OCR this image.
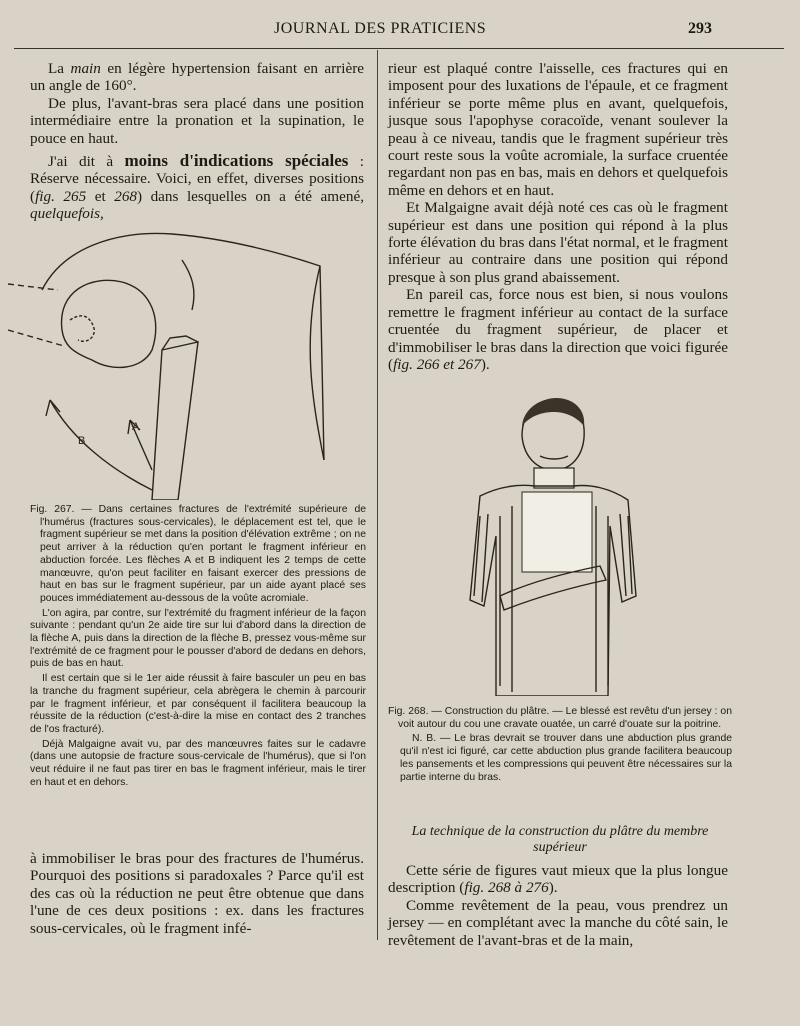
JOURNAL DES PRATICIENS	293

La main en légère hypertension faisant en arrière un angle de 160°.

De plus, l'avant-bras sera placé dans une position intermédiaire entre la pronation et la supination, le pouce en haut.

J'ai dit à moins d'indications spéciales : Réserve nécessaire. Voici, en effet, diverses positions (fig. 265 et 268) dans lesquelles on a été amené, quelquefois,

B
A

Fig. 267. — Dans certaines fractures de l'extrémité supérieure de l'humérus (fractures sous-cervicales), le déplacement est tel, que le fragment supérieur se met dans la position d'élévation extrême ; on ne peut arriver à la réduction qu'en portant le fragment inférieur en abduction forcée. Les flèches A et B indiquent les 2 temps de cette manœuvre, qu'on peut faciliter en faisant exercer des pressions de haut en bas sur le fragment supérieur, par un aide ayant placé ses pouces immédiatement au-dessous de la voûte acromiale.

L'on agira, par contre, sur l'extrémité du fragment inférieur de la façon suivante : pendant qu'un 2e aide tire sur lui d'abord dans la direction de la flèche A, puis dans la direction de la flèche B, pressez vous-même sur l'extrémité de ce fragment pour le pousser d'abord de dedans en dehors, puis de bas en haut.

Il est certain que si le 1er aide réussit à faire basculer un peu en bas la tranche du fragment supérieur, cela abrègera le chemin à parcourir par le fragment inférieur, et par conséquent il facilitera beaucoup la réussite de la réduction (c'est-à-dire la mise en contact des 2 tranches de l'os fracturé).

Déjà Malgaigne avait vu, par des manœuvres faites sur le cadavre (dans une autopsie de fracture sous-cervicale de l'humérus), que si l'on veut réduire il ne faut pas tirer en bas le fragment inférieur, mais le tirer en haut et en dehors.

à immobiliser le bras pour des fractures de l'humérus. Pourquoi des positions si paradoxales ? Parce qu'il est des cas où la réduction ne peut être obtenue que dans l'une de ces deux positions : ex. dans les fractures sous-cervicales, où le fragment infé-

rieur est plaqué contre l'aisselle, ces fractures qui en imposent pour des luxations de l'épaule, et ce fragment inférieur se porte même plus en avant, quelquefois, jusque sous l'apophyse coracoïde, venant soulever la peau à ce niveau, tandis que le fragment supérieur très court reste sous la voûte acromiale, la surface cruentée regardant non pas en bas, mais en dehors et quelquefois même en dehors et en haut.

Et Malgaigne avait déjà noté ces cas où le fragment supérieur est dans une position qui répond à la plus forte élévation du bras dans l'état normal, et le fragment inférieur au contraire dans une position qui répond presque à son plus grand abaissement.

En pareil cas, force nous est bien, si nous voulons remettre le fragment inférieur au contact de la surface cruentée du fragment supérieur, de placer et d'immobiliser le bras dans la direction que voici figurée (fig. 266 et 267).

Fig. 268. — Construction du plâtre. — Le blessé est revêtu d'un jersey : on voit autour du cou une cravate ouatée, un carré d'ouate sur la poitrine.

N. B. — Le bras devrait se trouver dans une abduction plus grande qu'il n'est ici figuré, car cette abduction plus grande facilitera beaucoup les pansements et les compressions qui peuvent être nécessaires sur la partie interne du bras.

La technique de la construction du plâtre du membre supérieur

Cette série de figures vaut mieux que la plus longue description (fig. 268 à 276).

Comme revêtement de la peau, vous prendrez un jersey — en complétant avec la manche du côté sain, le revêtement de l'avant-bras et de la main,
